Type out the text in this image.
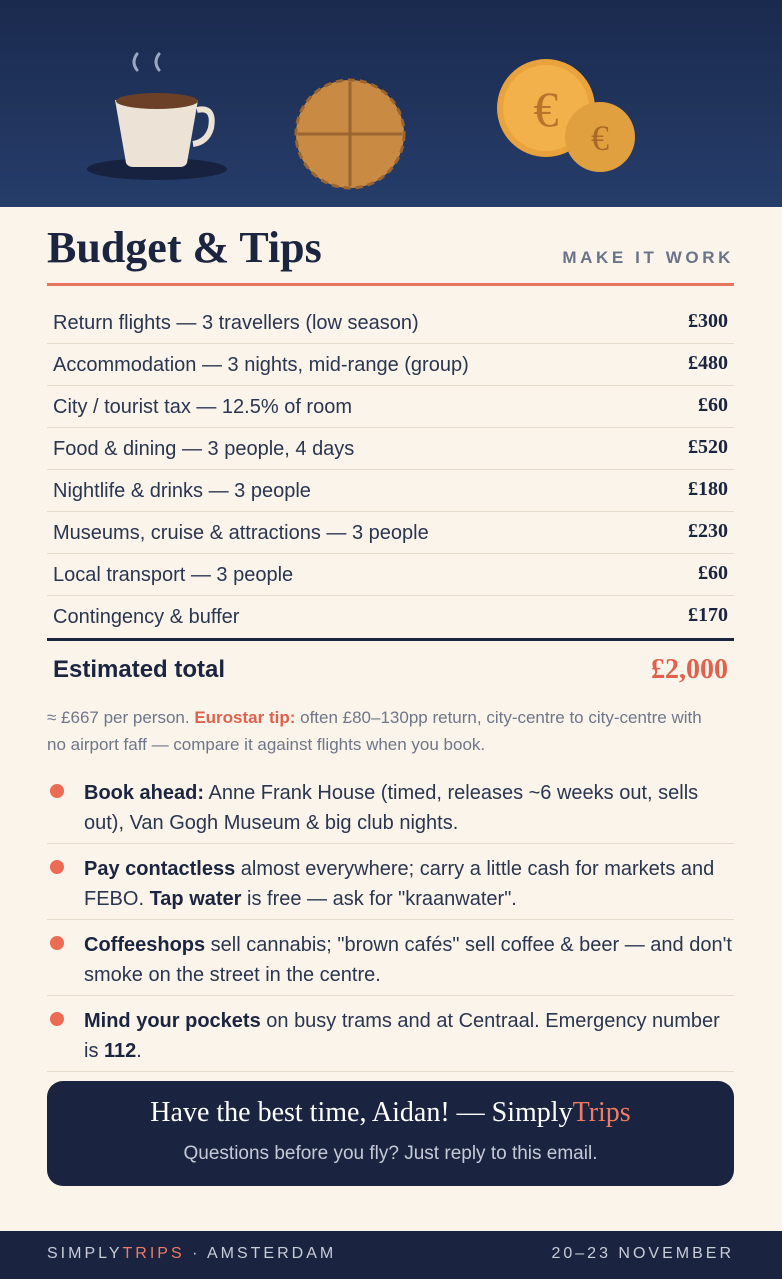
€
€
Budget & Tips	MAKE IT WORK
Return flights — 3 travellers (low season)	£300
Accommodation — 3 nights, mid-range (group)	£480
City / tourist tax — 12.5% of room	£60
Food & dining — 3 people, 4 days	£520
Nightlife & drinks — 3 people	£180
Museums, cruise & attractions — 3 people	£230
Local transport — 3 people	£60
Contingency & buffer	£170
Estimated total	£2,000
≈ £667 per person. Eurostar tip: often £80–130pp return, city-centre to city-centre with no airport faff — compare it against flights when you book.
Book ahead: Anne Frank House (timed, releases ~6 weeks out, sells out), Van Gogh Museum & big club nights.
Pay contactless almost everywhere; carry a little cash for markets and FEBO. Tap water is free — ask for "kraanwater".
Coffeeshops sell cannabis; "brown cafés" sell coffee & beer — and don't smoke on the street in the centre.
Mind your pockets on busy trams and at Centraal. Emergency number is 112.
Have the best time, Aidan! — SimplyTrips
Questions before you fly? Just reply to this email.
SIMPLYTRIPS · AMSTERDAM	20–23 NOVEMBER
